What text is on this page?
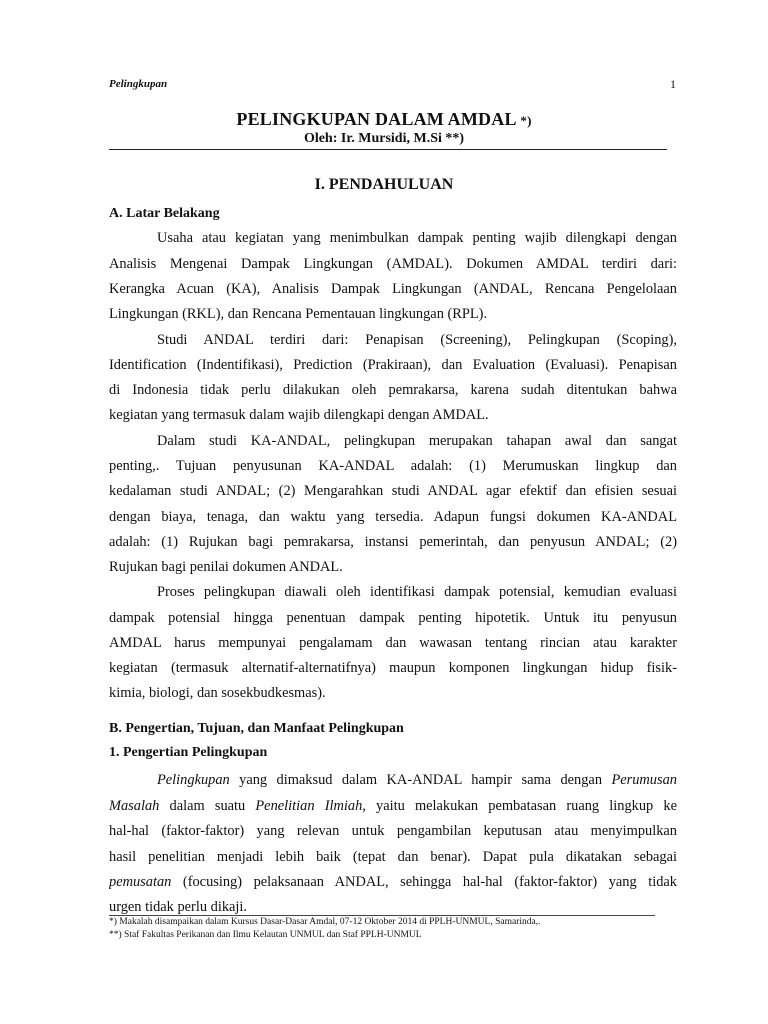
Pelingkupan	1
PELINGKUPAN DALAM AMDAL *)
Oleh: Ir. Mursidi, M.Si **)
I. PENDAHULUAN
A. Latar Belakang
Usaha atau kegiatan yang menimbulkan dampak penting wajib dilengkapi dengan
Analisis Mengenai Dampak Lingkungan (AMDAL). Dokumen AMDAL terdiri dari:
Kerangka Acuan (KA), Analisis Dampak Lingkungan (ANDAL, Rencana Pengelolaan
Lingkungan (RKL), dan Rencana Pementauan lingkungan (RPL).
Studi ANDAL terdiri dari: Penapisan (Screening), Pelingkupan (Scoping),
Identification (Indentifikasi), Prediction (Prakiraan), dan Evaluation (Evaluasi). Penapisan
di Indonesia tidak perlu dilakukan oleh pemrakarsa, karena sudah ditentukan bahwa
kegiatan yang termasuk dalam wajib dilengkapi dengan AMDAL.
Dalam studi KA-ANDAL, pelingkupan merupakan tahapan awal dan sangat
penting,. Tujuan penyusunan KA-ANDAL adalah: (1) Merumuskan lingkup dan
kedalaman studi ANDAL; (2) Mengarahkan studi ANDAL agar efektif dan efisien sesuai
dengan biaya, tenaga, dan waktu yang tersedia. Adapun fungsi dokumen KA-ANDAL
adalah: (1) Rujukan bagi pemrakarsa, instansi pemerintah, dan penyusun ANDAL; (2)
Rujukan bagi penilai dokumen ANDAL.
Proses pelingkupan diawali oleh identifikasi dampak potensial, kemudian evaluasi
dampak potensial hingga penentuan dampak penting hipotetik. Untuk itu penyusun
AMDAL harus mempunyai pengalamam dan wawasan tentang rincian atau karakter
kegiatan (termasuk alternatif-alternatifnya) maupun komponen lingkungan hidup fisik-
kimia, biologi, dan sosekbudkesmas).
B. Pengertian, Tujuan, dan Manfaat Pelingkupan
1. Pengertian Pelingkupan
Pelingkupan yang dimaksud dalam KA-ANDAL hampir sama dengan Perumusan
Masalah dalam suatu Penelitian Ilmiah, yaitu melakukan pembatasan ruang lingkup ke
hal-hal (faktor-faktor) yang relevan untuk pengambilan keputusan atau menyimpulkan
hasil penelitian menjadi lebih baik (tepat dan benar). Dapat pula dikatakan sebagai
pemusatan (focusing) pelaksanaan ANDAL, sehingga hal-hal (faktor-faktor) yang tidak
urgen tidak perlu dikaji.
*) Makalah disampaikan dalam Kursus Dasar-Dasar Amdal, 07-12 Oktober 2014 di PPLH-UNMUL, Samarinda,.
**) Staf Fakultas Perikanan dan Ilmu Kelautan UNMUL dan Staf PPLH-UNMUL
